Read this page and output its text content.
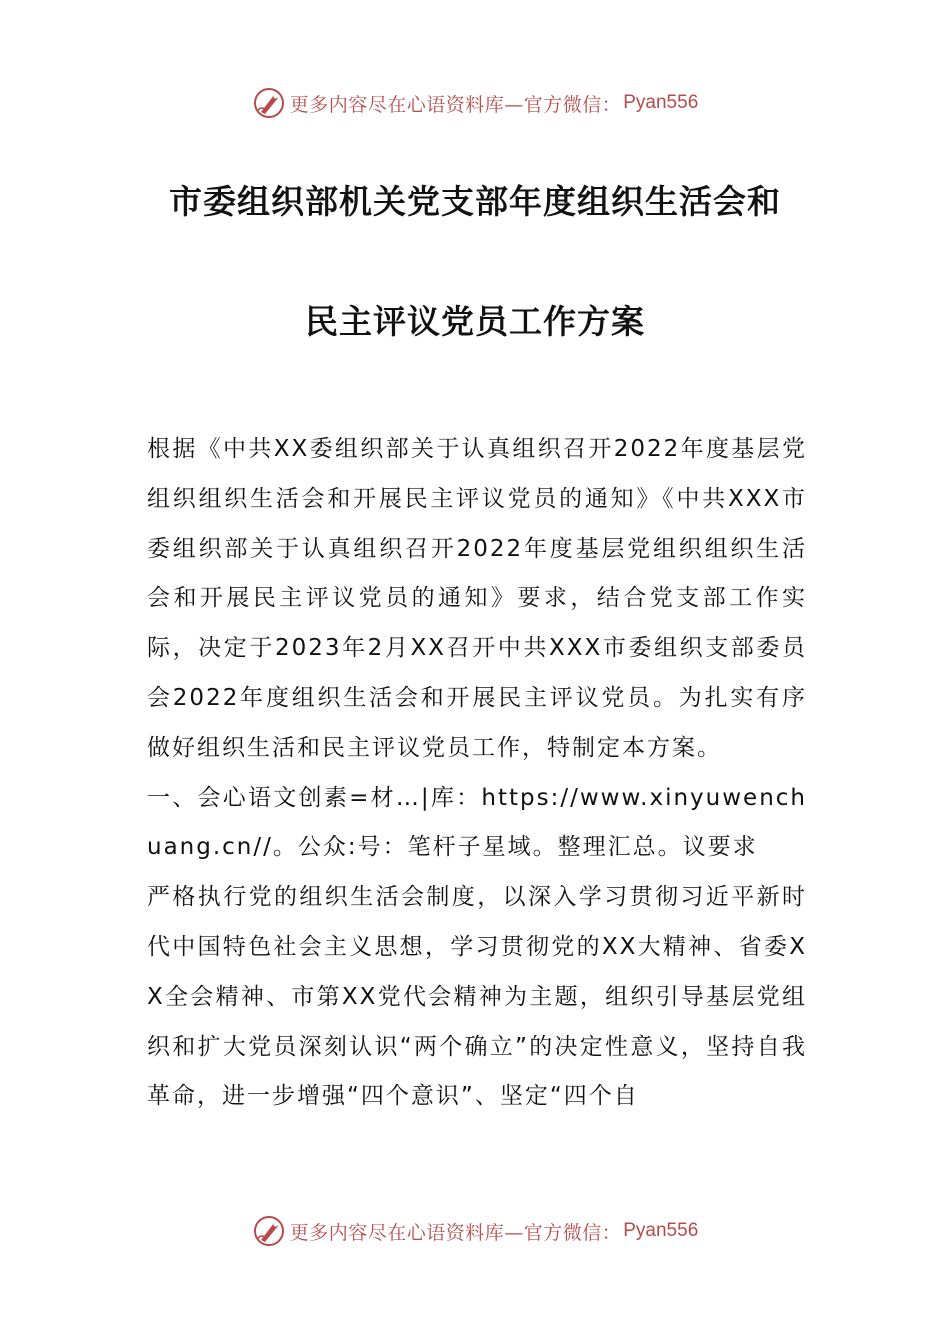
更多内容尽在心语资料库—官方微信： Pyan556
市委组织部机关党支部年度组织生活会和
民主评议党员工作方案

根据《中共XX委组织部关于认真组织召开2022年度基层党组织组织生活会和开展民主评议党员的通知》《中共XXX市委组织部关于认真组织召开2022年度基层党组织组织生活会和开展民主评议党员的通知》要求，结合党支部工作实际，决定于2023年2月XX召开中共XXX市委组织支部委员会2022年度组织生活会和开展民主评议党员。为扎实有序做好组织生活和民主评议党员工作，特制定本方案。

一、会心语文创素=材…|库：https://www.xinyuwenchuang.cn//。公众:号：笔杆子星域。整理汇总。议要求

严格执行党的组织生活会制度，以深入学习贯彻习近平新时代中国特色社会主义思想，学习贯彻党的XX大精神、省委XX全会精神、市第XX党代会精神为主题，组织引导基层党组织和扩大党员深刻认识“两个确立”的决定性意义，坚持自我革命，进一步增强“四个意识”、坚定“四个自

更多内容尽在心语资料库—官方微信： Pyan556
